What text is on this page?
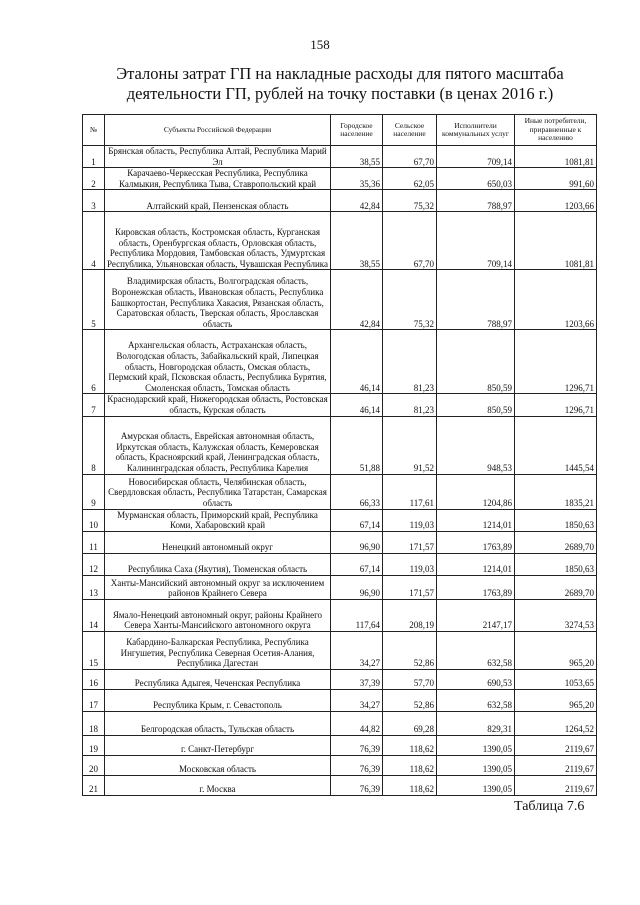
158
Эталоны затрат ГП на накладные расходы для пятого масштаба
деятельности ГП, рублей на точку поставки (в ценах 2016 г.)
№	Субъекты Российской Федерации	Городское население	Сельское население	Исполнители коммунальных услуг	Иные потребители, приравненные к населению
1	Брянская область, Республика Алтай, Республика Марий Эл	38,55	67,70	709,14	1081,81
2	Карачаево-Черкесская Республика, Республика Калмыкия, Республика Тыва, Ставропольский край	35,36	62,05	650,03	991,60
3	Алтайский край, Пензенская область	42,84	75,32	788,97	1203,66
4	Кировская область, Костромская область, Курганская область, Оренбургская область, Орловская область, Республика Мордовия, Тамбовская область, Удмуртская Республика, Ульяновская область, Чувашская Республика	38,55	67,70	709,14	1081,81
5	Владимирская область, Волгоградская область, Воронежская область, Ивановская область, Республика Башкортостан, Республика Хакасия, Рязанская область, Саратовская область, Тверская область, Ярославская область	42,84	75,32	788,97	1203,66
6	Архангельская область, Астраханская область, Вологодская область, Забайкальский край, Липецкая область, Новгородская область, Омская область, Пермский край, Псковская область, Республика Бурятия, Смоленская область, Томская область	46,14	81,23	850,59	1296,71
7	Краснодарский край, Нижегородская область, Ростовская область, Курская область	46,14	81,23	850,59	1296,71
8	Амурская область, Еврейская автономная область, Иркутская область, Калужская область, Кемеровская область, Красноярский край, Ленинградская область, Калининградская область, Республика Карелия	51,88	91,52	948,53	1445,54
9	Новосибирская область, Челябинская область, Свердловская область, Республика Татарстан, Самарская область	66,33	117,61	1204,86	1835,21
10	Мурманская область, Приморский край, Республика Коми, Хабаровский край	67,14	119,03	1214,01	1850,63
11	Ненецкий автономный округ	96,90	171,57	1763,89	2689,70
12	Республика Саха (Якутия), Тюменская область	67,14	119,03	1214,01	1850,63
13	Ханты-Мансийский автономный округ за исключением районов Крайнего Севера	96,90	171,57	1763,89	2689,70
14	Ямало-Ненецкий автономный округ, районы Крайнего Севера Ханты-Мансийского автономного округа	117,64	208,19	2147,17	3274,53
15	Кабардино-Балкарская Республика, Республика Ингушетия, Республика Северная Осетия-Алания, Республика Дагестан	34,27	52,86	632,58	965,20
16	Республика Адыгея, Чеченская Республика	37,39	57,70	690,53	1053,65
17	Республика Крым, г. Севастополь	34,27	52,86	632,58	965,20
18	Белгородская область, Тульская область	44,82	69,28	829,31	1264,52
19	г. Санкт-Петербург	76,39	118,62	1390,05	2119,67
20	Московская область	76,39	118,62	1390,05	2119,67
21	г. Москва	76,39	118,62	1390,05	2119,67
Таблица 7.6
